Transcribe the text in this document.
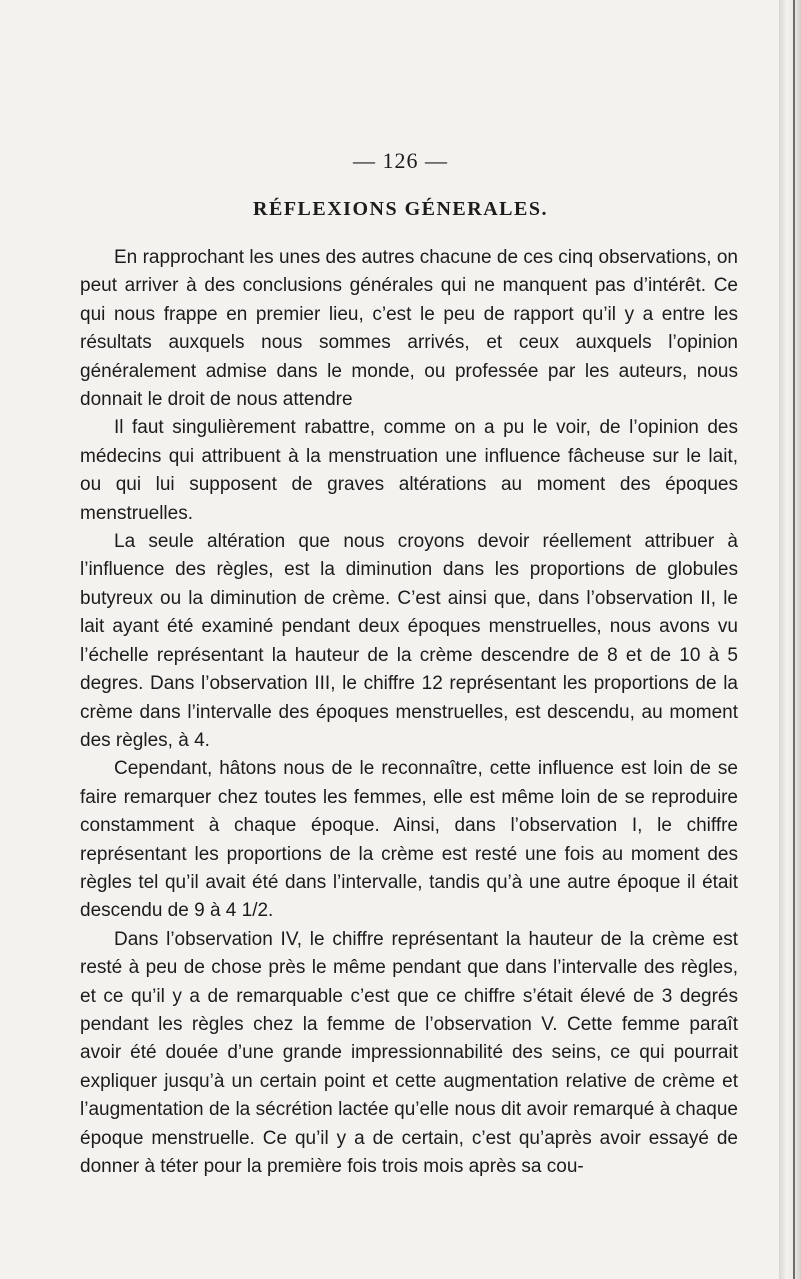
— 126 —
RÉFLEXIONS GÉNERALES.

En rapprochant les unes des autres chacune de ces cinq observations, on peut arriver à des conclusions générales qui ne manquent pas d’intérêt. Ce qui nous frappe en premier lieu, c’est le peu de rapport qu’il y a entre les résultats auxquels nous sommes arrivés, et ceux auxquels l’opinion généralement admise dans le monde, ou professée par les auteurs, nous donnait le droit de nous attendre

Il faut singulièrement rabattre, comme on a pu le voir, de l’opinion des médecins qui attribuent à la menstruation une influence fâcheuse sur le lait, ou qui lui supposent de graves altérations au moment des époques menstruelles.

La seule altération que nous croyons devoir réellement attribuer à l’influence des règles, est la diminution dans les proportions de globules butyreux ou la diminution de crème. C’est ainsi que, dans l’observation II, le lait ayant été examiné pendant deux époques menstruelles, nous avons vu l’échelle représentant la hauteur de la crème descendre de 8 et de 10 à 5 degres. Dans l’observation III, le chiffre 12 représentant les proportions de la crème dans l’intervalle des époques menstruelles, est descendu, au moment des règles, à 4.

Cependant, hâtons nous de le reconnaître, cette influence est loin de se faire remarquer chez toutes les femmes, elle est même loin de se reproduire constamment à chaque époque. Ainsi, dans l’observation I, le chiffre représentant les proportions de la crème est resté une fois au moment des règles tel qu’il avait été dans l’intervalle, tandis qu’à une autre époque il était descendu de 9 à 4 1/2.

Dans l’observation IV, le chiffre représentant la hauteur de la crème est resté à peu de chose près le même pendant que dans l’intervalle des règles, et ce qu’il y a de remarquable c’est que ce chiffre s’était élevé de 3 degrés pendant les règles chez la femme de l’observation V. Cette femme paraît avoir été douée d’une grande impressionnabilité des seins, ce qui pourrait expliquer jusqu’à un certain point et cette augmentation relative de crème et l’augmentation de la sécrétion lactée qu’elle nous dit avoir remarqué à chaque époque menstruelle. Ce qu’il y a de certain, c’est qu’après avoir essayé de donner à téter pour la première fois trois mois après sa cou-
